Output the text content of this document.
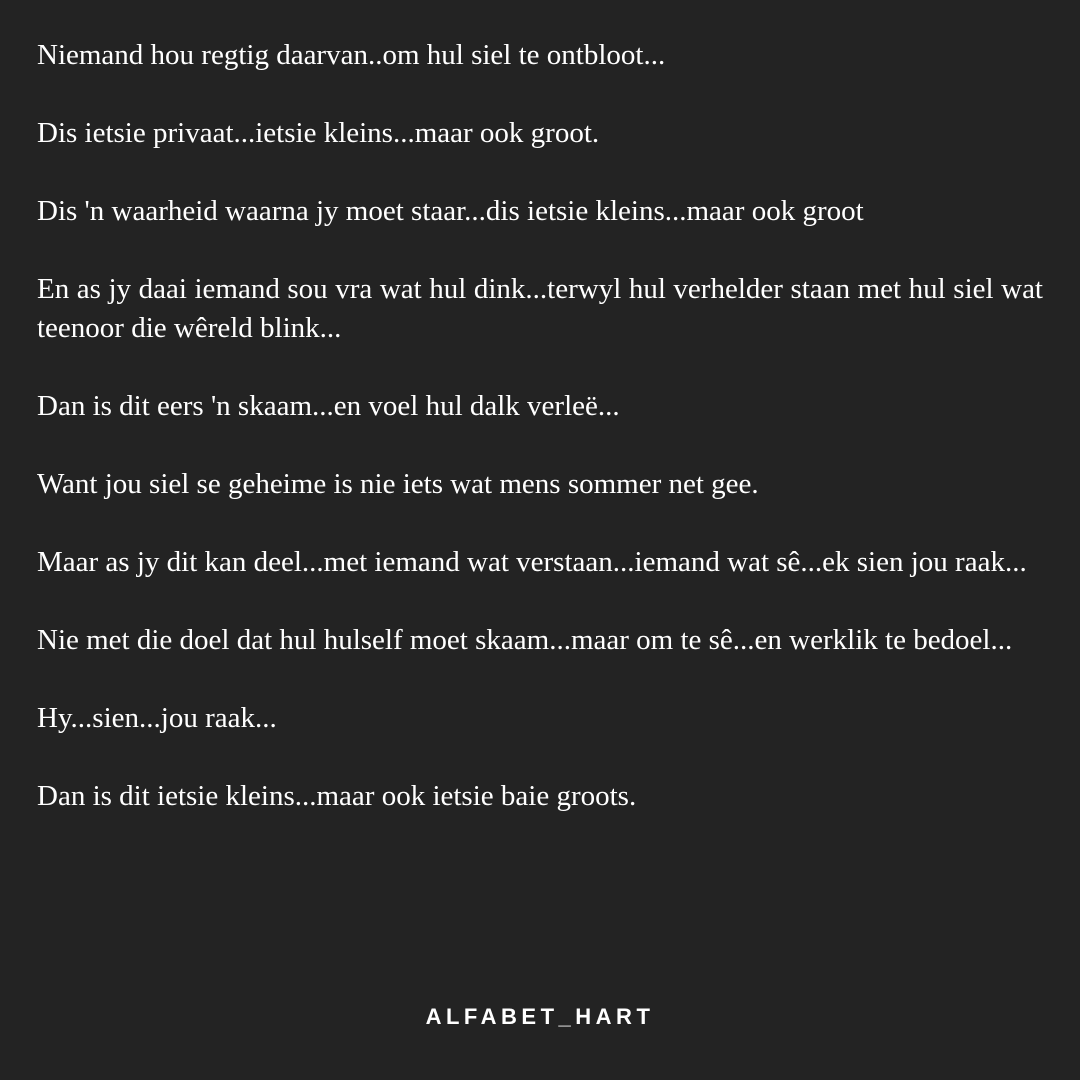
Niemand hou regtig daarvan..om hul siel te ontbloot...

Dis ietsie privaat...ietsie kleins...maar ook groot.

Dis 'n waarheid waarna jy moet staar...dis ietsie kleins...maar ook groot

En as jy daai iemand sou vra wat hul dink...terwyl hul verhelder staan met hul siel wat teenoor die wêreld blink...

Dan is dit eers 'n skaam...en voel hul dalk verleë...

Want jou siel se geheime is nie iets wat mens sommer net gee.

Maar as jy dit kan deel...met iemand wat verstaan...iemand wat sê...ek sien jou raak...

Nie met die doel dat hul hulself moet skaam...maar om te sê...en werklik te bedoel...

Hy...sien...jou raak...

Dan is dit ietsie kleins...maar ook ietsie baie groots.

ALFABET_HART
